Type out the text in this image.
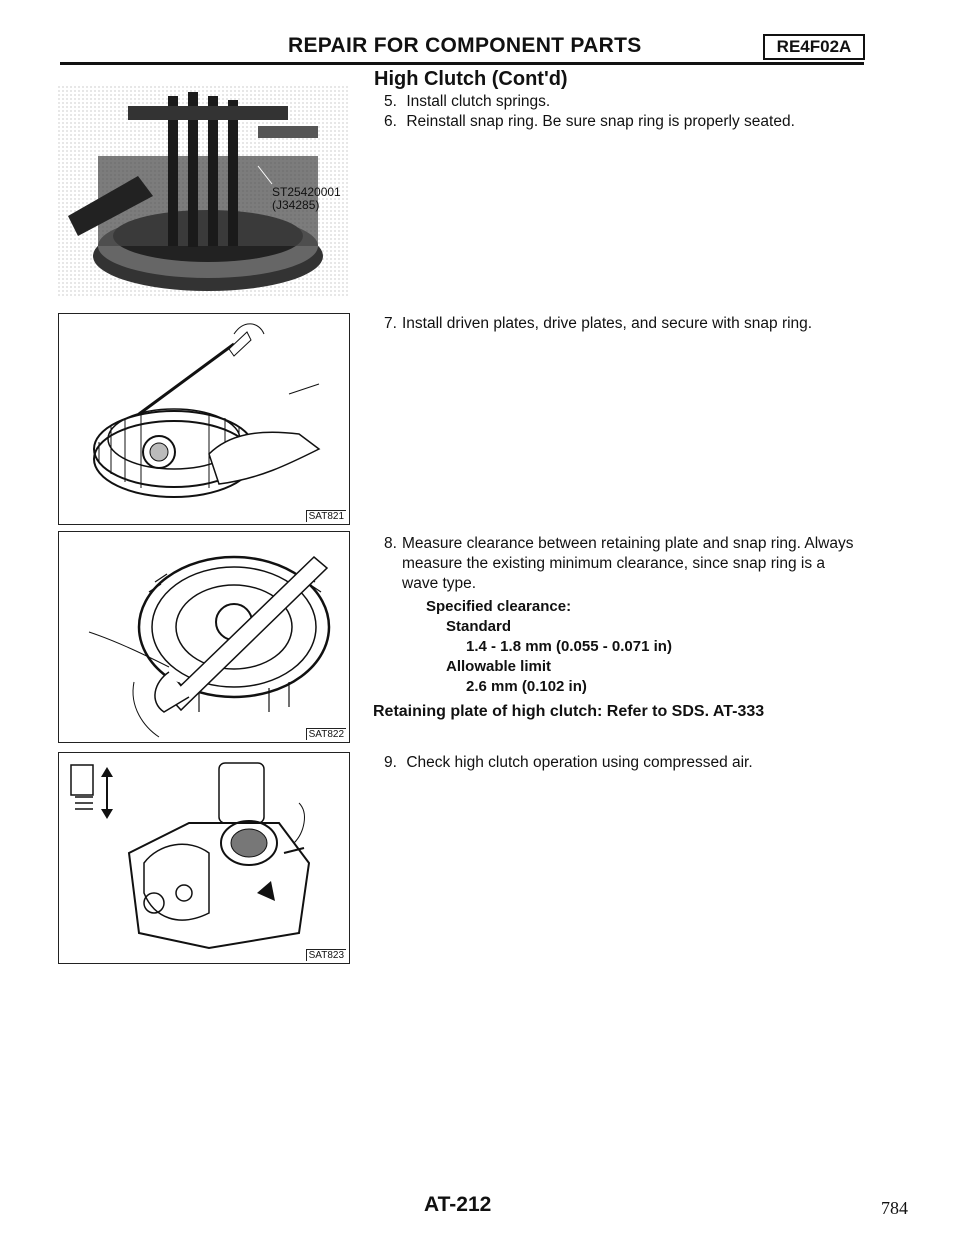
REPAIR FOR COMPONENT PARTS	RE4F02A
High Clutch (Cont'd)
ST25420001
(J34285)
SAT821
SAT822
SAT823
5. Install clutch springs.
6. Reinstall snap ring. Be sure snap ring is properly seated.
7. Install driven plates, drive plates, and secure with snap ring.
8. Measure clearance between retaining plate and snap ring. Always measure the existing minimum clearance, since snap ring is a wave type.
Specified clearance:
Standard
1.4 - 1.8 mm (0.055 - 0.071 in)
Allowable limit
2.6 mm (0.102 in)
Retaining plate of high clutch: Refer to SDS. AT-333
9. Check high clutch operation using compressed air.
AT-212	784
